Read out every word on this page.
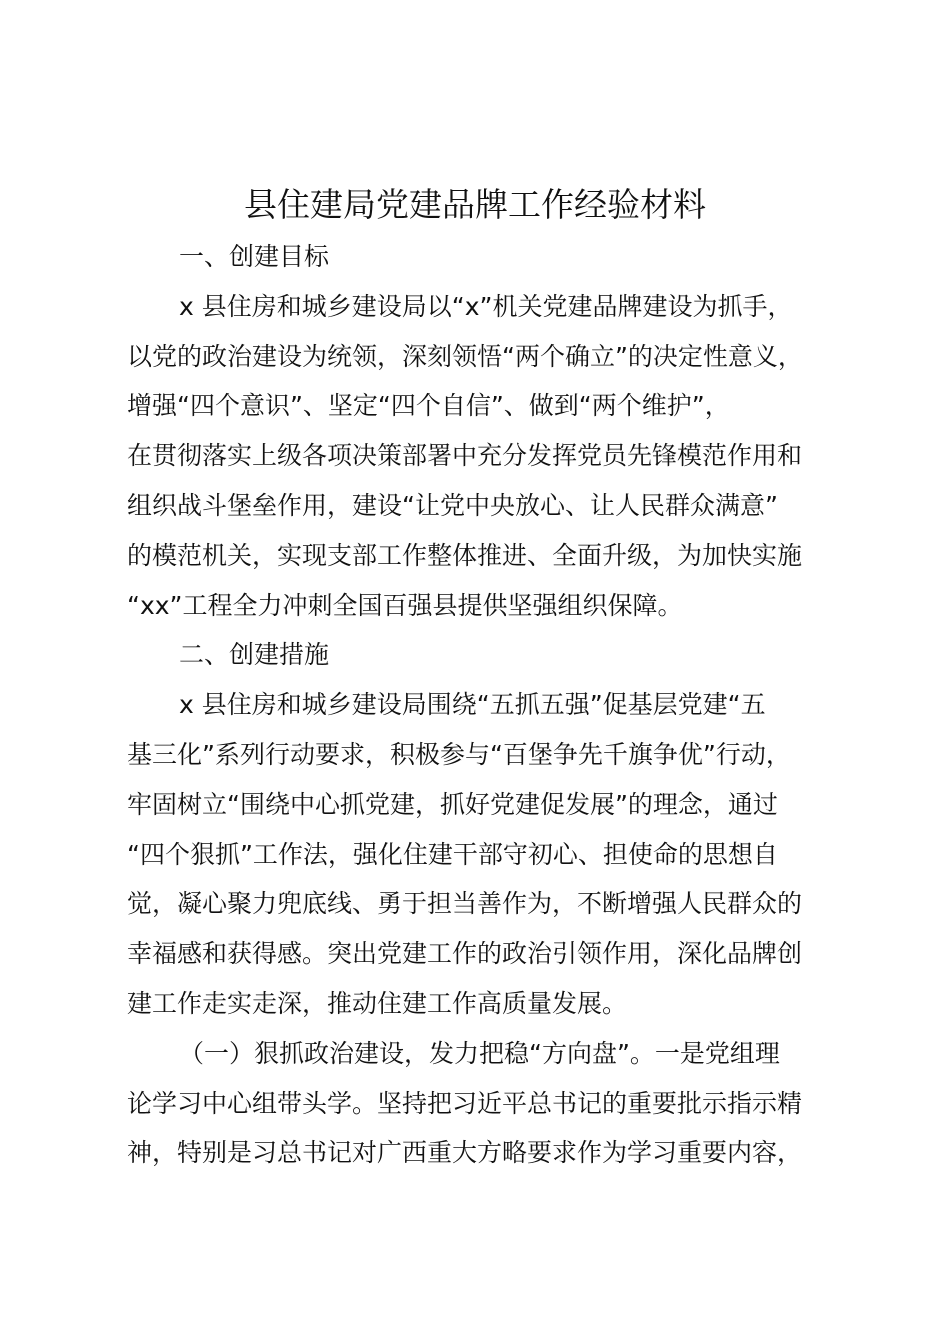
县住建局党建品牌工作经验材料
一、创建目标
x 县住房和城乡建设局以“x”机关党建品牌建设为抓手，
以党的政治建设为统领，深刻领悟“两个确立”的决定性意义，
增强“四个意识”、坚定“四个自信”、做到“两个维护”，
在贯彻落实上级各项决策部署中充分发挥党员先锋模范作用和
组织战斗堡垒作用，建设“让党中央放心、让人民群众满意”
的模范机关，实现支部工作整体推进、全面升级，为加快实施
“xx”工程全力冲刺全国百强县提供坚强组织保障。
二、创建措施
x 县住房和城乡建设局围绕“五抓五强”促基层党建“五
基三化”系列行动要求，积极参与“百堡争先千旗争优”行动，
牢固树立“围绕中心抓党建，抓好党建促发展”的理念，通过
“四个狠抓”工作法，强化住建干部守初心、担使命的思想自
觉，凝心聚力兜底线、勇于担当善作为，不断增强人民群众的
幸福感和获得感。突出党建工作的政治引领作用，深化品牌创
建工作走实走深，推动住建工作高质量发展。
（一）狠抓政治建设，发力把稳“方向盘”。一是党组理
论学习中心组带头学。坚持把习近平总书记的重要批示指示精
神，特别是习总书记对广西重大方略要求作为学习重要内容，
